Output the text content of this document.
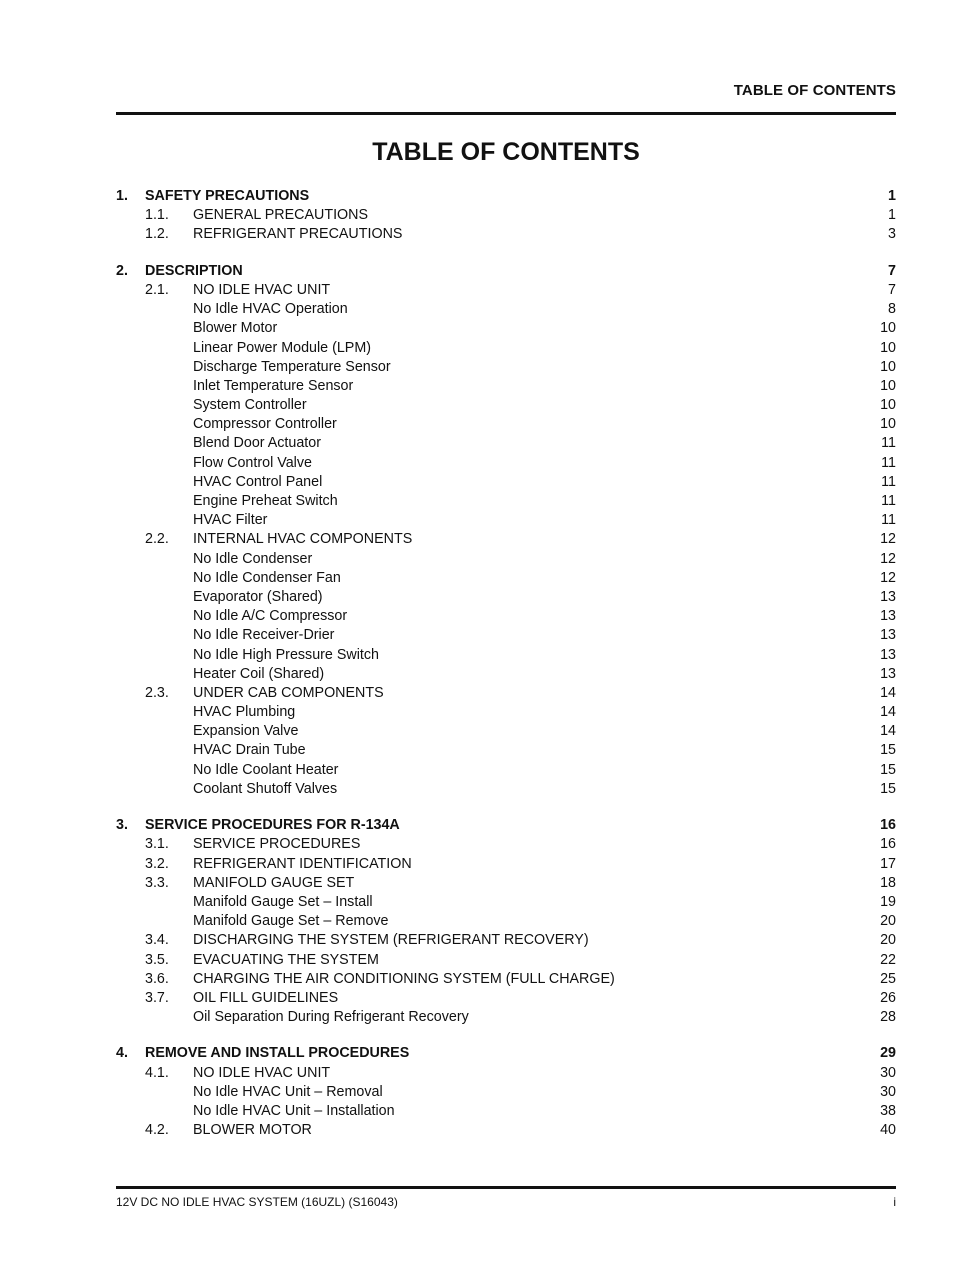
TABLE OF CONTENTS
TABLE OF CONTENTS
1.	SAFETY PRECAUTIONS	1
1.1.	GENERAL PRECAUTIONS	1
1.2.	REFRIGERANT PRECAUTIONS	3
2.	DESCRIPTION	7
2.1.	NO IDLE HVAC UNIT	7
No Idle HVAC Operation	8
Blower Motor	10
Linear Power Module (LPM)	10
Discharge Temperature Sensor	10
Inlet Temperature Sensor	10
System Controller	10
Compressor Controller	10
Blend Door Actuator	11
Flow Control Valve	11
HVAC Control Panel	11
Engine Preheat Switch	11
HVAC Filter	11
2.2.	INTERNAL HVAC COMPONENTS	12
No Idle Condenser	12
No Idle Condenser Fan	12
Evaporator (Shared)	13
No Idle A/C Compressor	13
No Idle Receiver-Drier	13
No Idle High Pressure Switch	13
Heater Coil (Shared)	13
2.3.	UNDER CAB COMPONENTS	14
HVAC Plumbing	14
Expansion Valve	14
HVAC Drain Tube	15
No Idle Coolant Heater	15
Coolant Shutoff Valves	15
3.	SERVICE PROCEDURES FOR R-134A	16
3.1.	SERVICE PROCEDURES	16
3.2.	REFRIGERANT IDENTIFICATION	17
3.3.	MANIFOLD GAUGE SET	18
Manifold Gauge Set – Install	19
Manifold Gauge Set – Remove	20
3.4.	DISCHARGING THE SYSTEM (REFRIGERANT RECOVERY)	20
3.5.	EVACUATING THE SYSTEM	22
3.6.	CHARGING THE AIR CONDITIONING SYSTEM (FULL CHARGE)	25
3.7.	OIL FILL GUIDELINES	26
Oil Separation During Refrigerant Recovery	28
4.	REMOVE AND INSTALL PROCEDURES	29
4.1.	NO IDLE HVAC UNIT	30
No Idle HVAC Unit – Removal	30
No Idle HVAC Unit – Installation	38
4.2.	BLOWER MOTOR	40
12V DC NO IDLE HVAC SYSTEM (16UZL) (S16043)	i
